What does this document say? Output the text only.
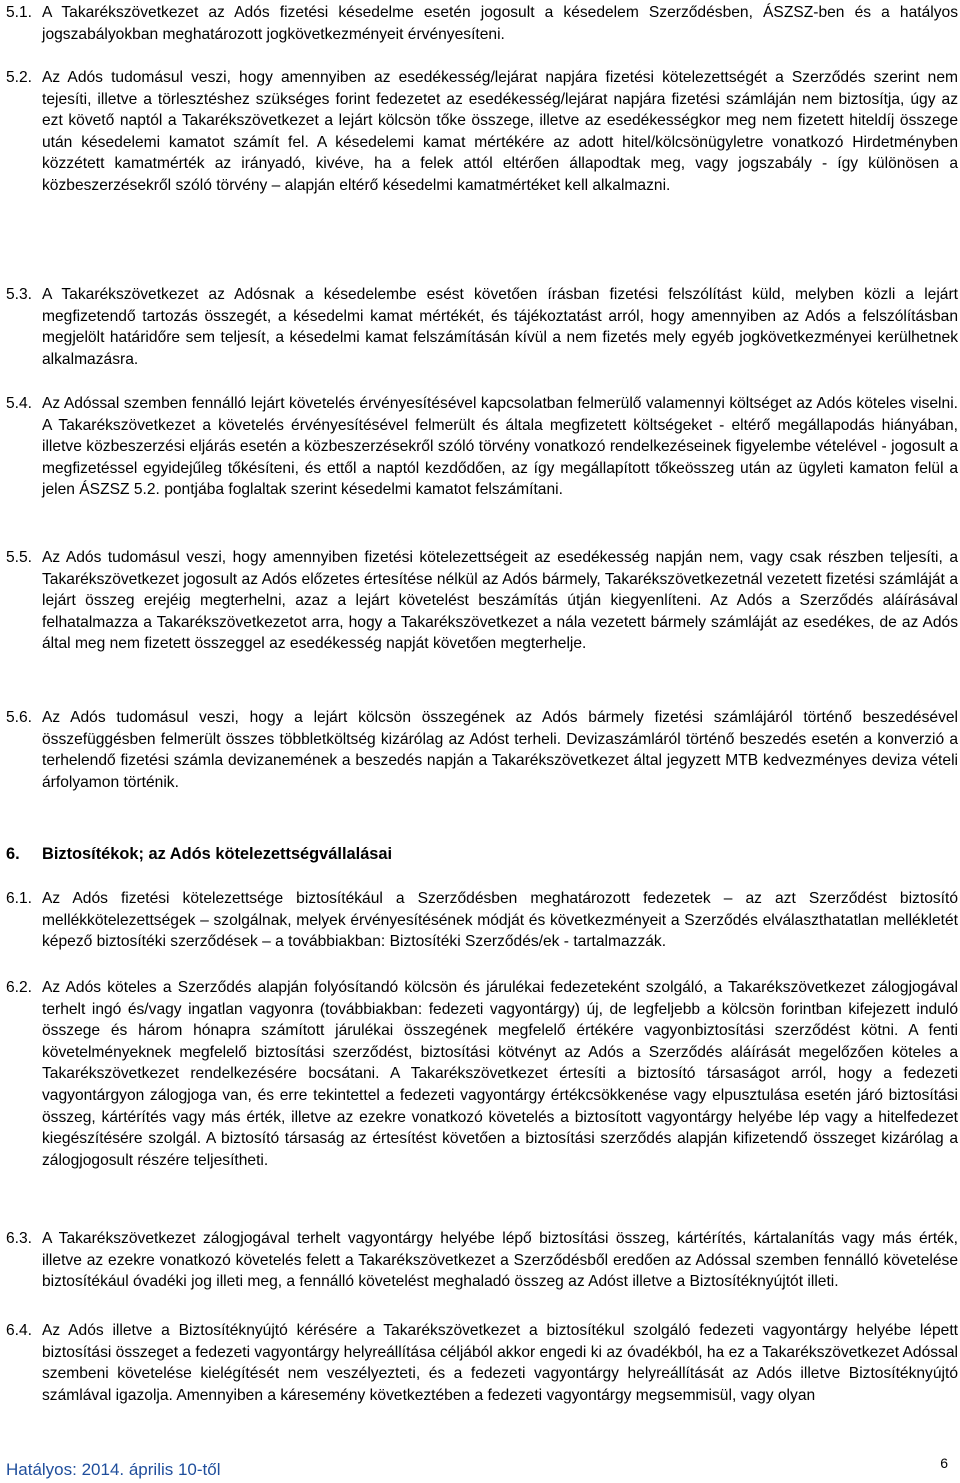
5.1. A Takarékszövetkezet az Adós fizetési késedelme esetén jogosult a késedelem Szerződésben, ÁSZSZ-ben és a hatályos jogszabályokban meghatározott jogkövetkezményeit érvényesíteni.
5.2. Az Adós tudomásul veszi, hogy amennyiben az esedékesség/lejárat napjára fizetési kötelezettségét a Szerződés szerint nem tejesíti, illetve a törlesztéshez szükséges forint fedezetet az esedékesség/lejárat napjára fizetési számláján nem biztosítja, úgy az ezt követő naptól a Takarékszövetkezet a lejárt kölcsön tőke összege, illetve az esedékességkor meg nem fizetett hiteldíj összege után késedelemi kamatot számít fel. A késedelemi kamat mértékére az adott hitel/kölcsönügyletre vonatkozó Hirdetményben közzétett kamatmérték az irányadó, kivéve, ha a felek attól eltérően állapodtak meg, vagy jogszabály - így különösen a közbeszerzésekről szóló törvény – alapján eltérő késedelmi kamatmértéket kell alkalmazni.
5.3. A Takarékszövetkezet az Adósnak a késedelembe esést követően írásban fizetési felszólítást küld, melyben közli a lejárt megfizetendő tartozás összegét, a késedelmi kamat mértékét, és tájékoztatást arról, hogy amennyiben az Adós a felszólításban megjelölt határidőre sem teljesít, a késedelmi kamat felszámításán kívül a nem fizetés mely egyéb jogkövetkezményei kerülhetnek alkalmazásra.
5.4. Az Adóssal szemben fennálló lejárt követelés érvényesítésével kapcsolatban felmerülő valamennyi költséget az Adós köteles viselni. A Takarékszövetkezet a követelés érvényesítésével felmerült és általa megfizetett költségeket - eltérő megállapodás hiányában, illetve közbeszerzési eljárás esetén a közbeszerzésekről szóló törvény vonatkozó rendelkezéseinek figyelembe vételével - jogosult a megfizetéssel egyidejűleg tőkésíteni, és ettől a naptól kezdődően, az így megállapított tőkeösszeg után az ügyleti kamaton felül a jelen ÁSZSZ 5.2. pontjába foglaltak szerint késedelmi kamatot felszámítani.
5.5. Az Adós tudomásul veszi, hogy amennyiben fizetési kötelezettségeit az esedékesség napján nem, vagy csak részben teljesíti, a Takarékszövetkezet jogosult az Adós előzetes értesítése nélkül az Adós bármely, Takarékszövetkezetnál vezetett fizetési számláját a lejárt összeg erejéig megterhelni, azaz a lejárt követelést beszámítás útján kiegyenlíteni. Az Adós a Szerződés aláírásával felhatalmazza a Takarékszövetkezetot arra, hogy a Takarékszövetkezet a nála vezetett bármely számláját az esedékes, de az Adós által meg nem fizetett összeggel az esedékesség napját követően megterhelje.
5.6. Az Adós tudomásul veszi, hogy a lejárt kölcsön összegének az Adós bármely fizetési számlájáról történő beszedésével összefüggésben felmerült összes többletköltség kizárólag az Adóst terheli. Devizaszámláról történő beszedés esetén a konverzió a terhelendő fizetési számla devizanemének a beszedés napján a Takarékszövetkezet által jegyzett MTB kedvezményes deviza vételi árfolyamon történik.
6.	Biztosítékok; az Adós kötelezettségvállalásai
6.1. Az Adós fizetési kötelezettsége biztosítékául a Szerződésben meghatározott fedezetek – az azt Szerződést biztosító mellékkötelezettségek – szolgálnak, melyek érvényesítésének módját és következményeit a Szerződés elválaszthatatlan mellékletét képező biztosítéki szerződések – a továbbiakban: Biztosítéki Szerződés/ek - tartalmazzák.
6.2. Az Adós köteles a Szerződés alapján folyósítandó kölcsön és járulékai fedezeteként szolgáló, a Takarékszövetkezet zálogjogával terhelt ingó és/vagy ingatlan vagyonra (továbbiakban: fedezeti vagyontárgy) új, de legfeljebb a kölcsön forintban kifejezett induló összege és három hónapra számított járulékai összegének megfelelő értékére vagyonbiztosítási szerződést kötni. A fenti követelményeknek megfelelő biztosítási szerződést, biztosítási kötvényt az Adós a Szerződés aláírását megelőzően köteles a Takarékszövetkezet rendelkezésére bocsátani. A Takarékszövetkezet értesíti a biztosító társaságot arról, hogy a fedezeti vagyontárgyon zálogjoga van, és erre tekintettel a fedezeti vagyontárgy értékcsökkenése vagy elpusztulása esetén járó biztosítási összeg, kártérítés vagy más érték, illetve az ezekre vonatkozó követelés a biztosított vagyontárgy helyébe lép vagy a hitelfedezet kiegészítésére szolgál. A biztosító társaság az értesítést követően a biztosítási szerződés alapján kifizetendő összeget kizárólag a zálogjogosult részére teljesítheti.
6.3. A Takarékszövetkezet zálogjogával terhelt vagyontárgy helyébe lépő biztosítási összeg, kártérítés, kártalanítás vagy más érték, illetve az ezekre vonatkozó követelés felett a Takarékszövetkezet a Szerződésből eredően az Adóssal szemben fennálló követelése biztosítékául óvadéki jog illeti meg, a fennálló követelést meghaladó összeg az Adóst illetve a Biztosítéknyújtót illeti.
6.4. Az Adós illetve a Biztosítéknyújtó kérésére a Takarékszövetkezet a biztosítékul szolgáló fedezeti vagyontárgy helyébe lépett biztosítási összeget a fedezeti vagyontárgy helyreállítása céljából akkor engedi ki az óvadékból, ha ez a Takarékszövetkezet Adóssal szembeni követelése kielégítését nem veszélyezteti, és a fedezeti vagyontárgy helyreállítását az Adós illetve Biztosítéknyújtó számlával igazolja. Amennyiben a káresemény következtében a fedezeti vagyontárgy megsemmisül, vagy olyan
Hatályos: 2014. április 10-től	6
